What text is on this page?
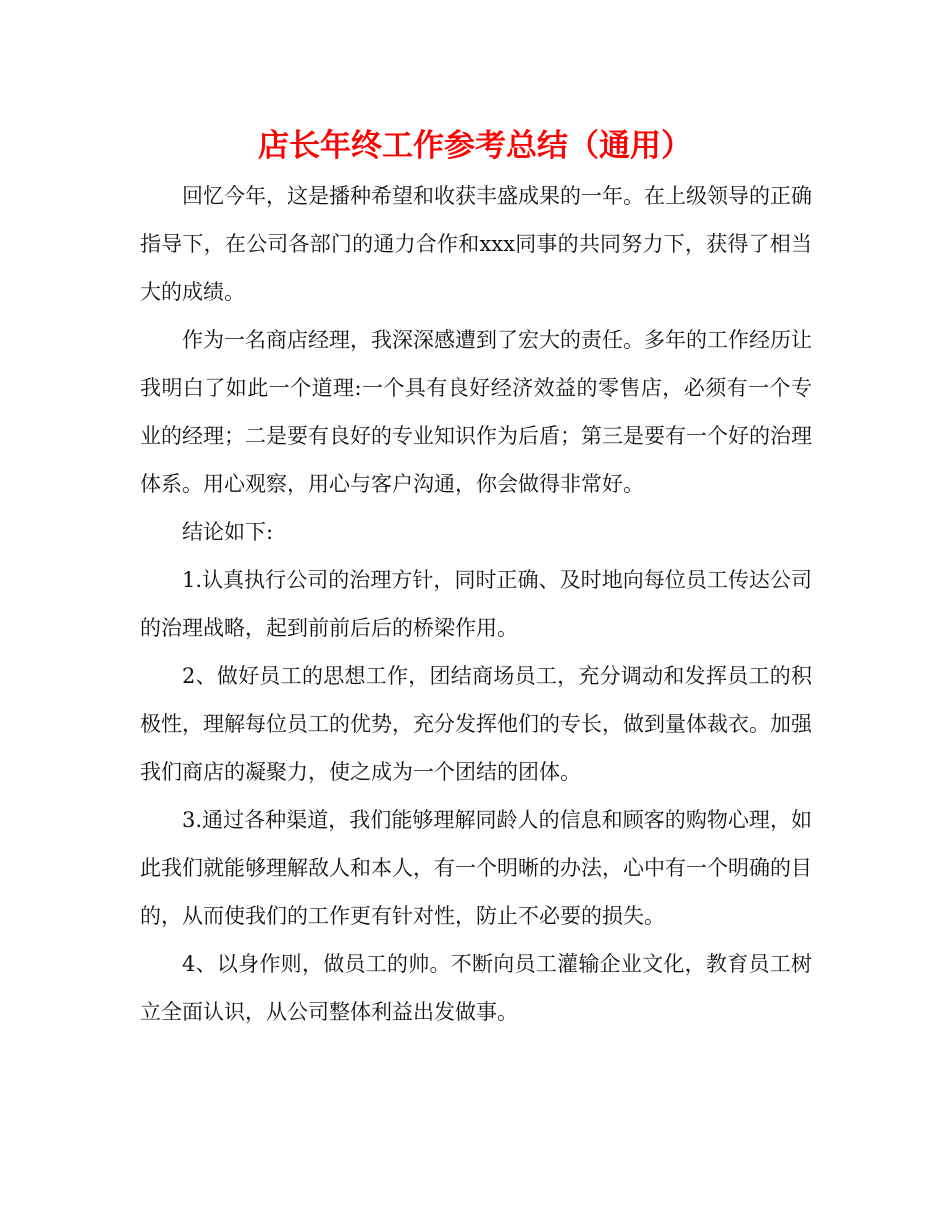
店长年终工作参考总结（通用）

回忆今年，这是播种希望和收获丰盛成果的一年。在上级领导的正确指导下，在公司各部门的通力合作和xxx同事的共同努力下，获得了相当大的成绩。

作为一名商店经理，我深深感遭到了宏大的责任。多年的工作经历让我明白了如此一个道理:一个具有良好经济效益的零售店，必须有一个专业的经理；二是要有良好的专业知识作为后盾；第三是要有一个好的治理体系。用心观察，用心与客户沟通，你会做得非常好。

结论如下:

1.认真执行公司的治理方针，同时正确、及时地向每位员工传达公司的治理战略，起到前前后后的桥梁作用。

2、做好员工的思想工作，团结商场员工，充分调动和发挥员工的积极性，理解每位员工的优势，充分发挥他们的专长，做到量体裁衣。加强我们商店的凝聚力，使之成为一个团结的团体。

3.通过各种渠道，我们能够理解同龄人的信息和顾客的购物心理，如此我们就能够理解敌人和本人，有一个明晰的办法，心中有一个明确的目的，从而使我们的工作更有针对性，防止不必要的损失。

4、以身作则，做员工的帅。不断向员工灌输企业文化，教育员工树立全面认识，从公司整体利益出发做事。
